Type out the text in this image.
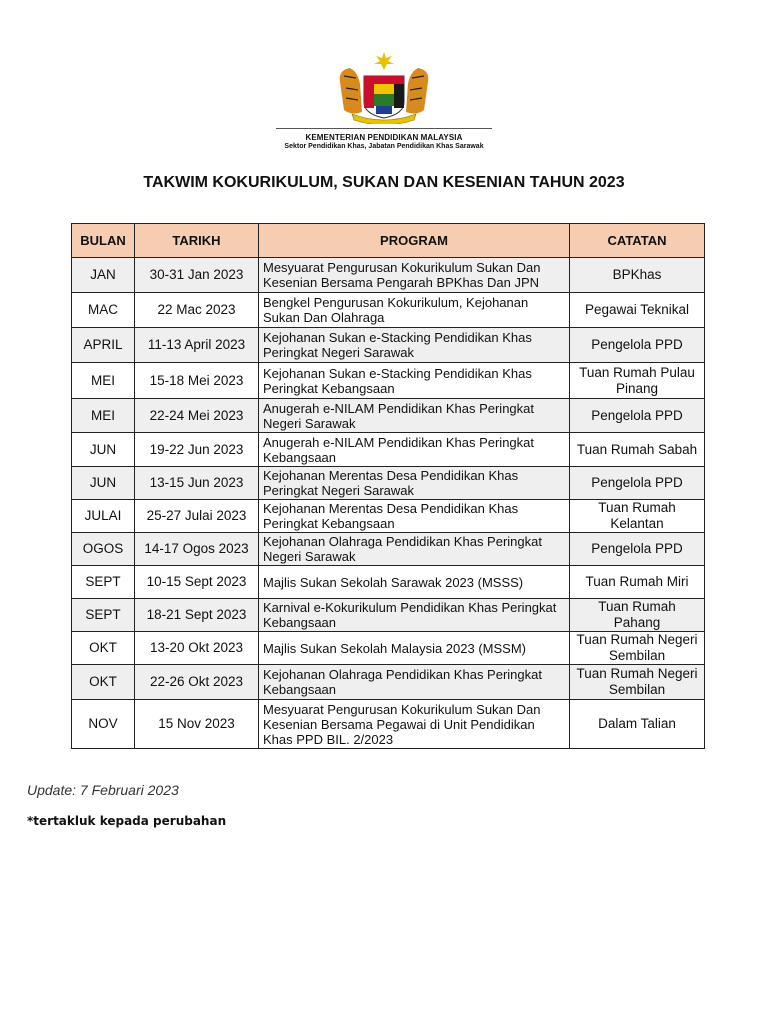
KEMENTERIAN PENDIDIKAN MALAYSIA
Sektor Pendidikan Khas, Jabatan Pendidikan Khas Sarawak
TAKWIM KOKURIKULUM, SUKAN DAN KESENIAN TAHUN 2023
BULAN	TARIKH	PROGRAM	CATATAN
JAN	30-31 Jan 2023	Mesyuarat Pengurusan Kokurikulum Sukan Dan Kesenian Bersama Pengarah BPKhas Dan JPN	BPKhas
MAC	22 Mac 2023	Bengkel Pengurusan Kokurikulum, Kejohanan Sukan Dan Olahraga	Pegawai Teknikal
APRIL	11-13 April 2023	Kejohanan Sukan e-Stacking Pendidikan Khas Peringkat Negeri Sarawak	Pengelola PPD
MEI	15-18 Mei 2023	Kejohanan Sukan e-Stacking Pendidikan Khas Peringkat Kebangsaan	Tuan Rumah Pulau Pinang
MEI	22-24 Mei 2023	Anugerah e-NILAM Pendidikan Khas Peringkat Negeri Sarawak	Pengelola PPD
JUN	19-22 Jun 2023	Anugerah e-NILAM Pendidikan Khas Peringkat Kebangsaan	Tuan Rumah Sabah
JUN	13-15 Jun 2023	Kejohanan Merentas Desa Pendidikan Khas Peringkat Negeri Sarawak	Pengelola PPD
JULAI	25-27 Julai 2023	Kejohanan Merentas Desa Pendidikan Khas Peringkat Kebangsaan	Tuan Rumah Kelantan
OGOS	14-17 Ogos 2023	Kejohanan Olahraga Pendidikan Khas Peringkat Negeri Sarawak	Pengelola PPD
SEPT	10-15 Sept 2023	Majlis Sukan Sekolah Sarawak 2023 (MSSS)	Tuan Rumah Miri
SEPT	18-21 Sept 2023	Karnival e-Kokurikulum Pendidikan Khas Peringkat Kebangsaan	Tuan Rumah Pahang
OKT	13-20 Okt 2023	Majlis Sukan Sekolah Malaysia 2023 (MSSM)	Tuan Rumah Negeri Sembilan
OKT	22-26 Okt 2023	Kejohanan Olahraga Pendidikan Khas Peringkat Kebangsaan	Tuan Rumah Negeri Sembilan
NOV	15 Nov 2023	Mesyuarat Pengurusan Kokurikulum Sukan Dan Kesenian Bersama Pegawai di Unit Pendidikan Khas PPD BIL. 2/2023	Dalam Talian
Update: 7 Februari 2023
*tertakluk kepada perubahan
